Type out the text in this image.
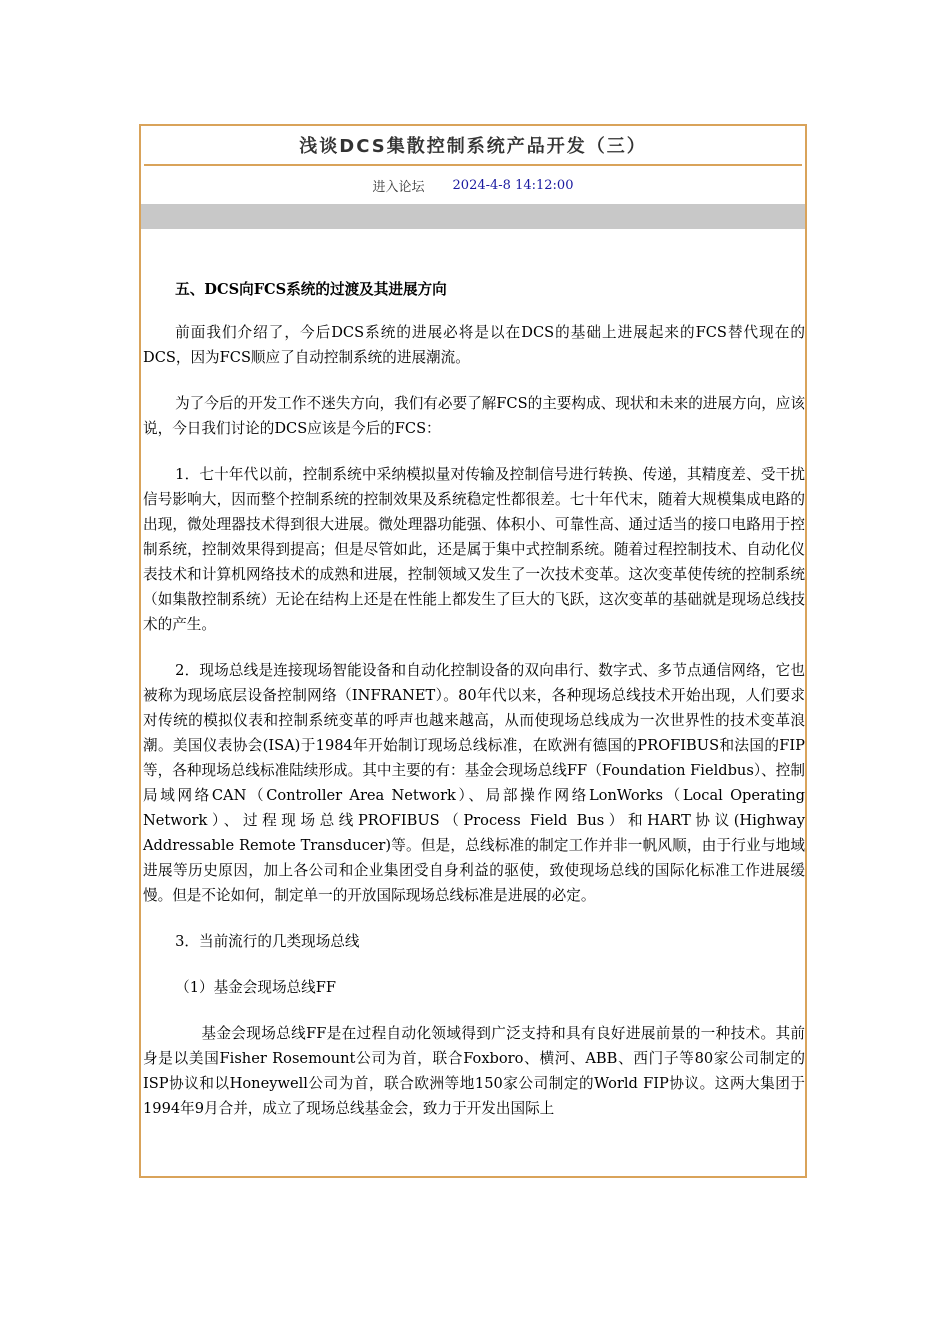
浅谈DCS集散控制系统产品开发（三）
进入论坛 2024-4-8 14:12:00

五、DCS向FCS系统的过渡及其进展方向

前面我们介绍了，今后DCS系统的进展必将是以在DCS的基础上进展起来的FCS替代现在的DCS，因为FCS顺应了自动控制系统的进展潮流。

为了今后的开发工作不迷失方向，我们有必要了解FCS的主要构成、现状和未来的进展方向，应该说，今日我们讨论的DCS应该是今后的FCS：

1．七十年代以前，控制系统中采纳模拟量对传输及控制信号进行转换、传递，其精度差、受干扰信号影响大，因而整个控制系统的控制效果及系统稳定性都很差。七十年代末，随着大规模集成电路的出现，微处理器技术得到很大进展。微处理器功能强、体积小、可靠性高、通过适当的接口电路用于控制系统，控制效果得到提高；但是尽管如此，还是属于集中式控制系统。随着过程控制技术、自动化仪表技术和计算机网络技术的成熟和进展，控制领域又发生了一次技术变革。这次变革使传统的控制系统（如集散控制系统）无论在结构上还是在性能上都发生了巨大的飞跃，这次变革的基础就是现场总线技术的产生。

2．现场总线是连接现场智能设备和自动化控制设备的双向串行、数字式、多节点通信网络，它也被称为现场底层设备控制网络（INFRANET）。80年代以来，各种现场总线技术开始出现，人们要求对传统的模拟仪表和控制系统变革的呼声也越来越高，从而使现场总线成为一次世界性的技术变革浪潮。美国仪表协会(ISA)于1984年开始制订现场总线标准，在欧洲有德国的PROFIBUS和法国的FIP等，各种现场总线标准陆续形成。其中主要的有：基金会现场总线FF（Foundation Fieldbus）、控制局域网络CAN（Controller Area Network）、局部操作网络LonWorks（Local Operating Network）、过程现场总线PROFIBUS（Process Field Bus）和HART协议(Highway Addressable Remote Transducer)等。但是，总线标准的制定工作并非一帆风顺，由于行业与地域进展等历史原因，加上各公司和企业集团受自身利益的驱使，致使现场总线的国际化标准工作进展缓慢。但是不论如何，制定单一的开放国际现场总线标准是进展的必定。

3．当前流行的几类现场总线

（1）基金会现场总线FF

基金会现场总线FF是在过程自动化领域得到广泛支持和具有良好进展前景的一种技术。其前身是以美国Fisher Rosemount公司为首，联合Foxboro、横河、ABB、西门子等80家公司制定的ISP协议和以Honeywell公司为首，联合欧洲等地150家公司制定的World FIP协议。这两大集团于1994年9月合并，成立了现场总线基金会，致力于开发出国际上
